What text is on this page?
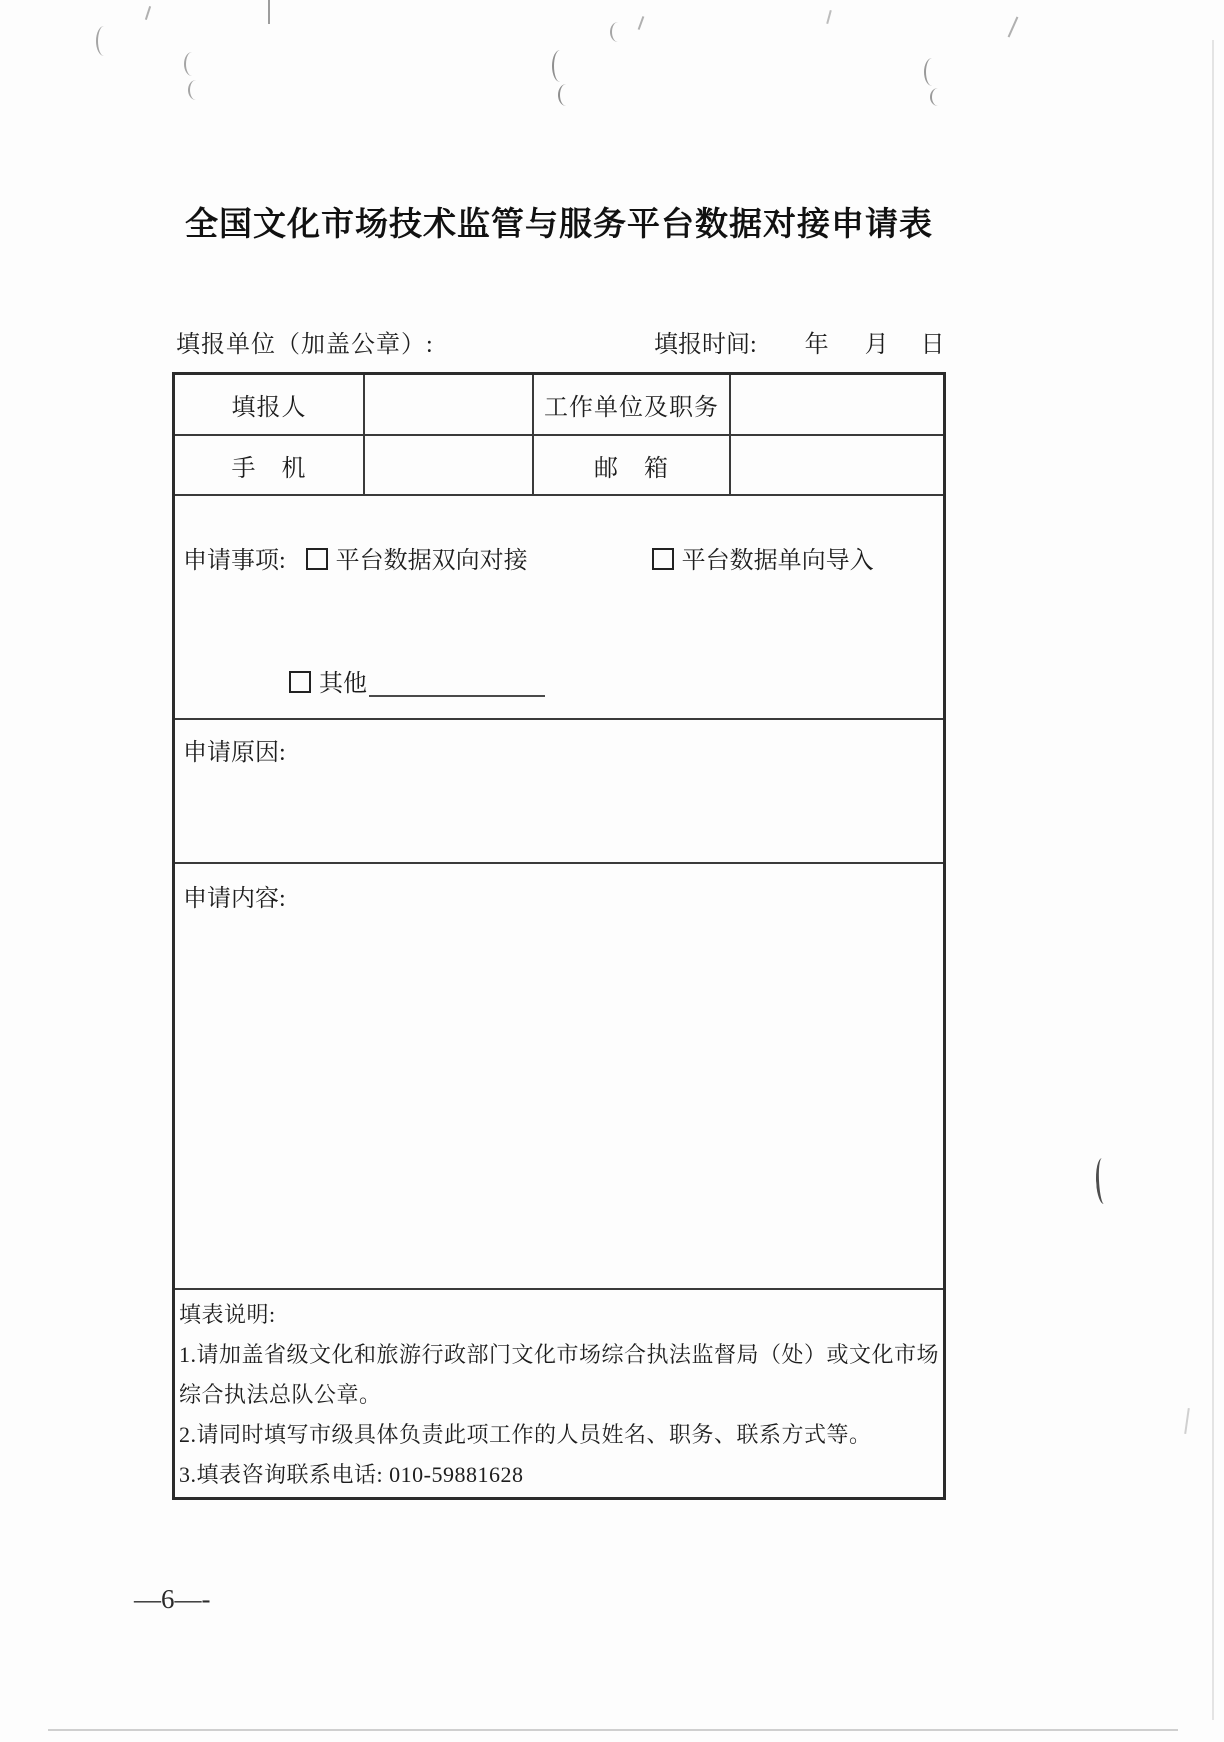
全国文化市场技术监管与服务平台数据对接申请表
填报单位（加盖公章）:	填报时间: 年 月 日
填报人	工作单位及职务
手　机	邮　箱
申请事项: 平台数据双向对接	平台数据单向导入
其他
申请原因:
申请内容:

填表说明:

1.请加盖省级文化和旅游行政部门文化市场综合执法监督局（处）或文化市场综合执法总队公章。

2.请同时填写市级具体负责此项工作的人员姓名、职务、联系方式等。

3.填表咨询联系电话: 010-59881628

—6—-
